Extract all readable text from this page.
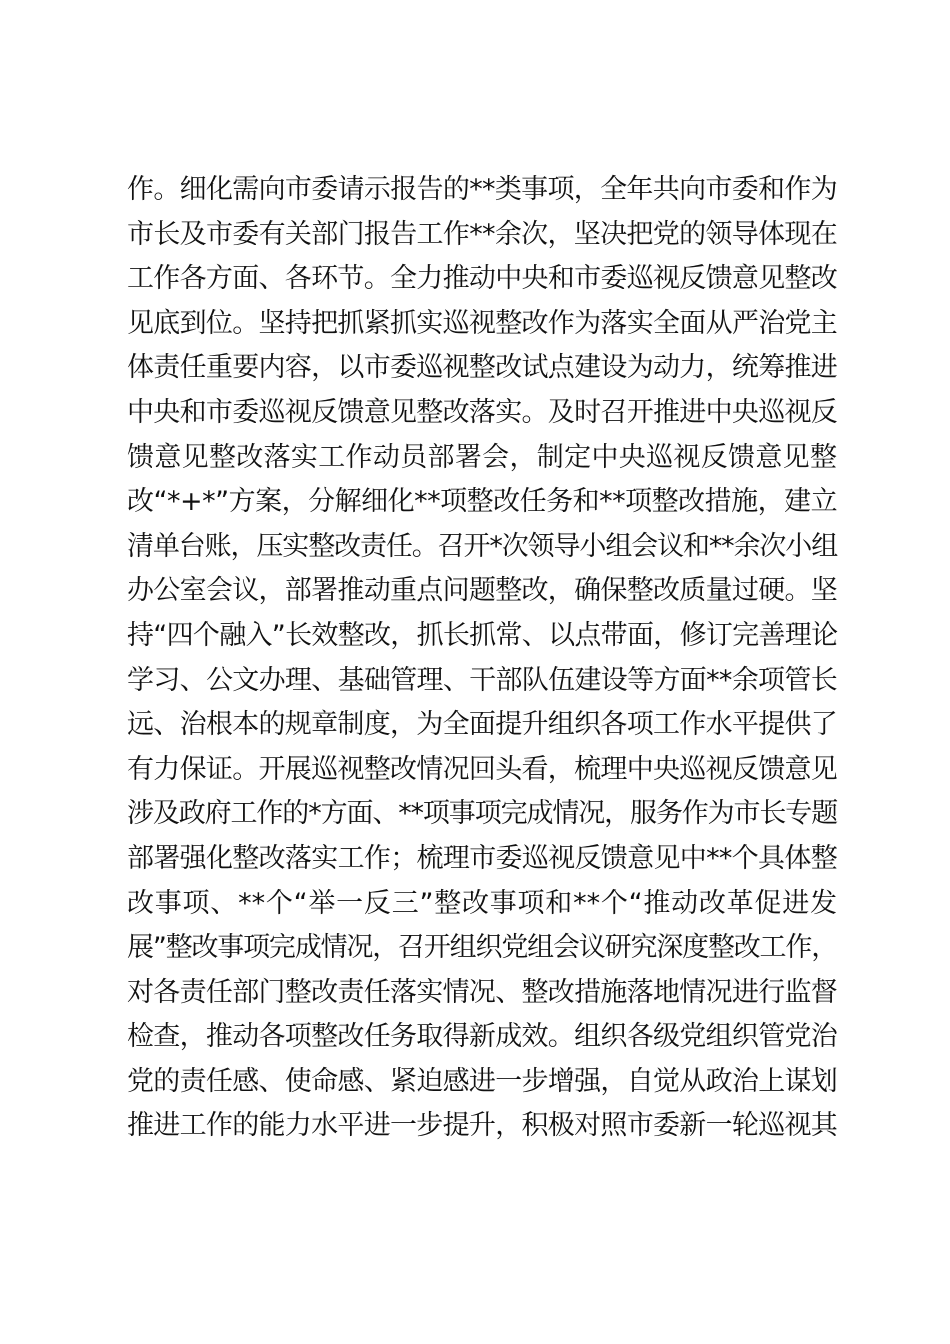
作。细化需向市委请示报告的**类事项，全年共向市委和作为
市长及市委有关部门报告工作**余次，坚决把党的领导体现在
工作各方面、各环节。全力推动中央和市委巡视反馈意见整改
见底到位。坚持把抓紧抓实巡视整改作为落实全面从严治党主
体责任重要内容，以市委巡视整改试点建设为动力，统筹推进
中央和市委巡视反馈意见整改落实。及时召开推进中央巡视反
馈意见整改落实工作动员部署会，制定中央巡视反馈意见整
改“*+*”方案，分解细化**项整改任务和**项整改措施，建立
清单台账，压实整改责任。召开*次领导小组会议和**余次小组
办公室会议，部署推动重点问题整改，确保整改质量过硬。坚
持“四个融入”长效整改，抓长抓常、以点带面，修订完善理论
学习、公文办理、基础管理、干部队伍建设等方面**余项管长
远、治根本的规章制度，为全面提升组织各项工作水平提供了
有力保证。开展巡视整改情况回头看，梳理中央巡视反馈意见
涉及政府工作的*方面、**项事项完成情况，服务作为市长专题
部署强化整改落实工作；梳理市委巡视反馈意见中**个具体整
改事项、**个“举一反三”整改事项和**个“推动改革促进发
展”整改事项完成情况，召开组织党组会议研究深度整改工作，
对各责任部门整改责任落实情况、整改措施落地情况进行监督
检查，推动各项整改任务取得新成效。组织各级党组织管党治
党的责任感、使命感、紧迫感进一步增强，自觉从政治上谋划
推进工作的能力水平进一步提升，积极对照市委新一轮巡视其
